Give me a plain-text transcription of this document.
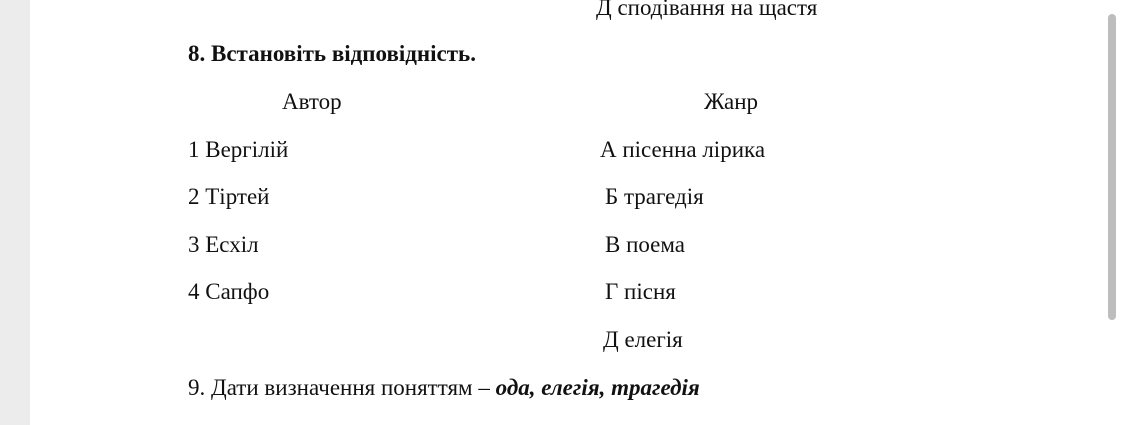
Д сподівання на щастя
8. Встановіть відповідність.
Автор	Жанр
1 Вергілій
2 Тіртей
3 Есхіл
4 Сапфо
А пісенна лірика
Б трагедія
В поема
Г пісня
Д елегія
9. Дати визначення поняттям – ода, елегія, трагедія
